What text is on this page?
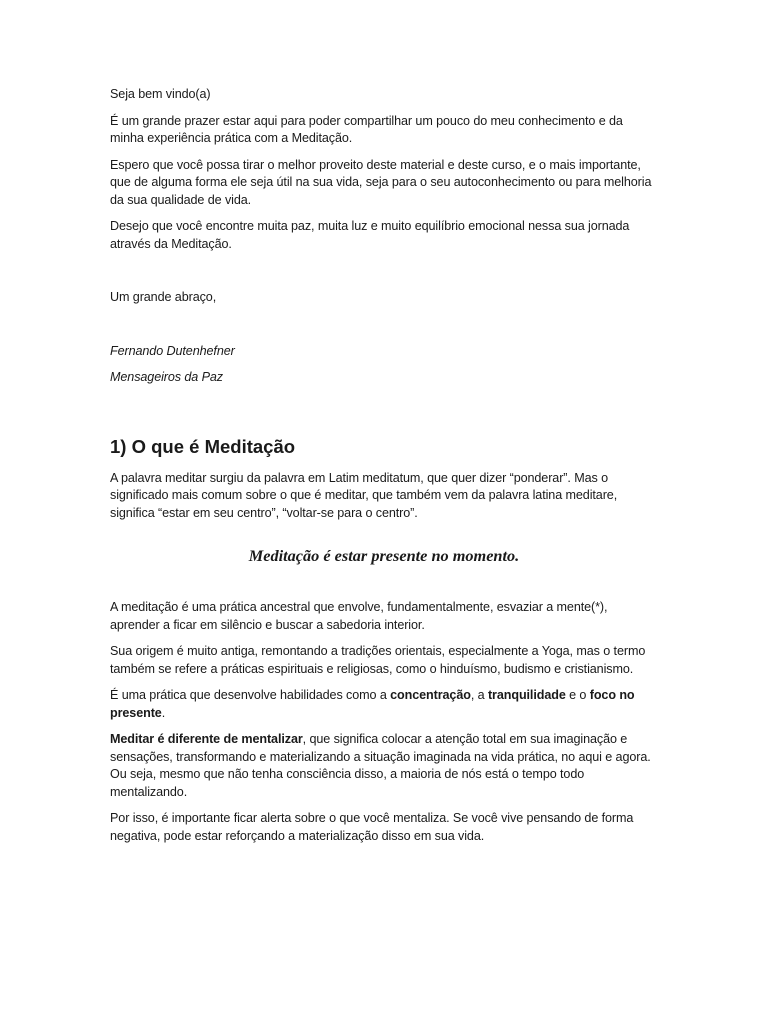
Seja bem vindo(a)

É um grande prazer estar aqui para poder compartilhar um pouco do meu conhecimento e da minha experiência prática com a Meditação.

Espero que você possa tirar o melhor proveito deste material e deste curso, e o mais importante, que de alguma forma ele seja útil na sua vida, seja para o seu autoconhecimento ou para melhoria da sua qualidade de vida.

Desejo que você encontre muita paz, muita luz e muito equilíbrio emocional nessa sua jornada através da Meditação.

Um grande abraço,

Fernando Dutenhefner

Mensageiros da Paz

1) O que é Meditação

A palavra meditar surgiu da palavra em Latim meditatum, que quer dizer “ponderar”. Mas o significado mais comum sobre o que é meditar, que também vem da palavra latina meditare, significa “estar em seu centro”, “voltar-se para o centro”.

Meditação é estar presente no momento.

A meditação é uma prática ancestral que envolve, fundamentalmente, esvaziar a mente(*), aprender a ficar em silêncio e buscar a sabedoria interior.

Sua origem é muito antiga, remontando a tradições orientais, especialmente a Yoga, mas o termo também se refere a práticas espirituais e religiosas, como o hinduísmo, budismo e cristianismo.

É uma prática que desenvolve habilidades como a concentração, a tranquilidade e o foco no presente.

Meditar é diferente de mentalizar, que significa colocar a atenção total em sua imaginação e sensações, transformando e materializando a situação imaginada na vida prática, no aqui e agora. Ou seja, mesmo que não tenha consciência disso, a maioria de nós está o tempo todo mentalizando.

Por isso, é importante ficar alerta sobre o que você mentaliza. Se você vive pensando de forma negativa, pode estar reforçando a materialização disso em sua vida.
